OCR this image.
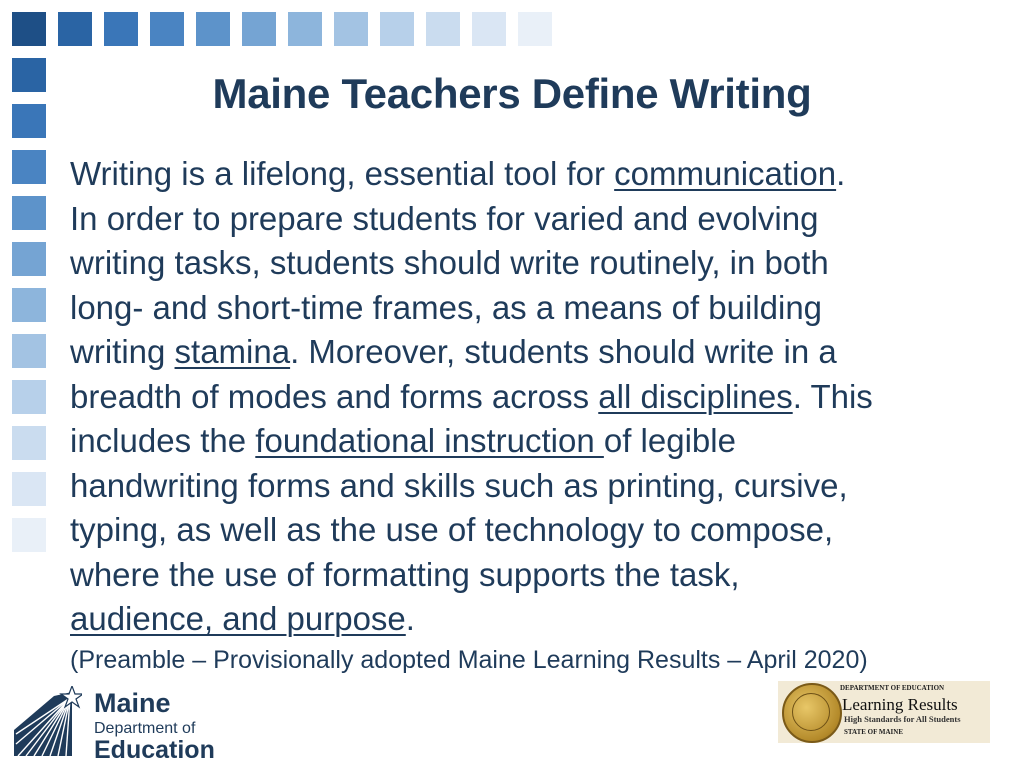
Maine Teachers Define Writing

Writing is a lifelong, essential tool for communication.

In order to prepare students for varied and evolving

writing tasks, students should write routinely, in both

long- and short-time frames, as a means of building

writing stamina. Moreover, students should write in a

breadth of modes and forms across all disciplines. This

includes the foundational instruction of legible

handwriting forms and skills such as printing, cursive,

typing, as well as the use of technology to compose,

where the use of formatting supports the task,

audience, and purpose.

(Preamble – Provisionally adopted Maine Learning Results – April 2020)
Maine
Department of
Education
DEPARTMENT OF EDUCATION
Learning Results
High Standards for All Students
STATE OF MAINE
